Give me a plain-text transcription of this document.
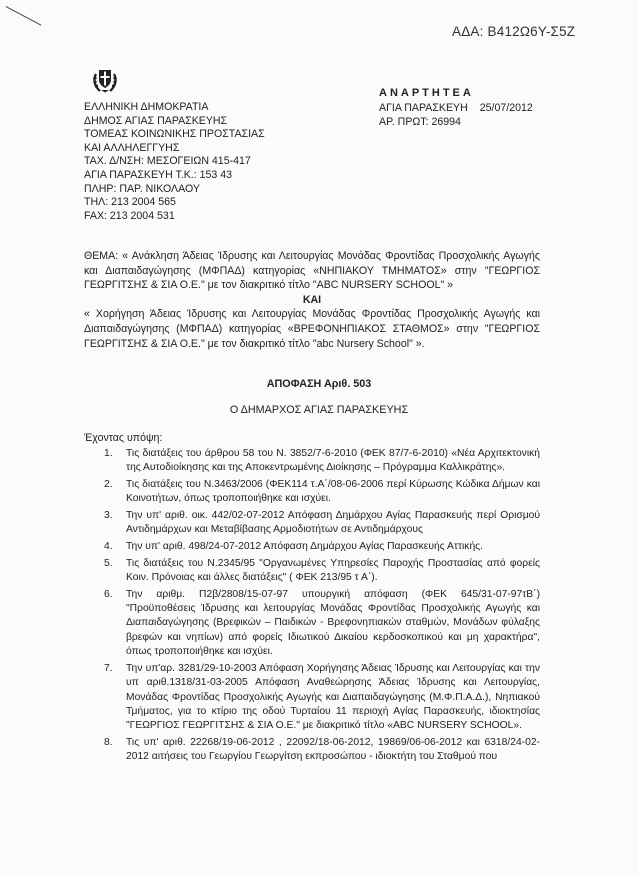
ΑΔΑ: Β412Ω6Υ-Σ5Ζ
ΕΛΛΗΝΙΚΗ ΔΗΜΟΚΡΑΤΙΑ
ΔΗΜΟΣ ΑΓΙΑΣ ΠΑΡΑΣΚΕΥΗΣ
ΤΟΜΕΑΣ ΚΟΙΝΩΝΙΚΗΣ ΠΡΟΣΤΑΣΙΑΣ
ΚΑΙ ΑΛΛΗΛΕΓΓΥΗΣ
ΤΑΧ. Δ/ΝΣΗ: ΜΕΣΟΓΕΙΩΝ 415-417
ΑΓΙΑ ΠΑΡΑΣΚΕΥΗ Τ.Κ.: 153 43
ΠΛΗΡ: ΠΑΡ. ΝΙΚΟΛΑΟΥ
ΤΗΛ: 213 2004 565
FAX: 213 2004 531
ΑΝΑΡΤΗΤΕΑ
ΑΓΙΑ ΠΑΡΑΣΚΕΥΗ 25/07/2012
ΑΡ. ΠΡΩΤ: 26994

ΘΕΜΑ: « Ανάκληση Άδειας Ίδρυσης και Λειτουργίας Μονάδας Φροντίδας Προσχολικής Αγωγής και Διαπαιδαγώγησης (ΜΦΠΑΔ) κατηγορίας «ΝΗΠΙΑΚΟΥ ΤΜΗΜΑΤΟΣ» στην "ΓΕΩΡΓΙΟΣ ΓΕΩΡΓΙΤΣΗΣ & ΣΙΑ Ο.Ε." με τον διακριτικό τίτλο "ABC NURSERY SCHOOL" »

ΚΑΙ

« Χορήγηση Άδειας Ίδρυσης και Λειτουργίας Μονάδας Φροντίδας Προσχολικής Αγωγής και Διαπαιδαγώγησης (ΜΦΠΑΔ) κατηγορίας «ΒΡΕΦΟΝΗΠΙΑΚΟΣ ΣΤΑΘΜΟΣ» στην "ΓΕΩΡΓΙΟΣ ΓΕΩΡΓΙΤΣΗΣ & ΣΙΑ Ο.Ε." με τον διακριτικό τίτλο "abc Nursery School" ».

ΑΠΟΦΑΣΗ Αριθ. 503
Ο ΔΗΜΑΡΧΟΣ ΑΓΙΑΣ ΠΑΡΑΣΚΕΥΗΣ
Έχοντας υπόψη:
1. Τις διατάξεις του άρθρου 58 του Ν. 3852/7-6-2010 (ΦΕΚ 87/7-6-2010) «Νέα Αρχιτεκτονική της Αυτοδιοίκησης και της Αποκεντρωμένης Διοίκησης – Πρόγραμμα Καλλικράτης».
2. Τις διατάξεις του Ν.3463/2006 (ΦΕΚ114 τ.Α΄/08-06-2006 περί Κύρωσης Κώδικα Δήμων και Κοινοτήτων, όπως τροποποιήθηκε και ισχύει.
3. Την υπ' αριθ. οικ. 442/02-07-2012 Απόφαση Δημάρχου Αγίας Παρασκευής περί Ορισμού Αντιδημάρχων και Μεταβίβασης Αρμοδιοτήτων σε Αντιδημάρχους
4. Την υπ' αριθ. 498/24-07-2012 Απόφαση Δημάρχου Αγίας Παρασκευής Αττικής.
5. Τις διατάξεις του Ν.2345/95 "Οργανωμένες Υπηρεσίες Παροχής Προστασίας από φορείς Κοιν. Πρόνοιας και άλλες διατάξεις" ( ΦΕΚ 213/95 τ Α΄).
6. Την αριθμ. Π2β/2808/15-07-97 υπουργική απόφαση (ΦΕΚ 645/31-07-97τΒ΄) "Προϋποθέσεις Ίδρυσης και λειτουργίας Μονάδας Φροντίδας Προσχολικής Αγωγής και Διαπαιδαγώγησης (Βρεφικών – Παιδικών - Βρεφονηπιακών σταθμών, Μονάδων φύλαξης βρεφών και νηπίων) από φορείς Ιδιωτικού Δικαίου κερδοσκοπικού και μη χαρακτήρα", όπως τροποποιήθηκε και ισχύει.
7. Την υπ'αρ. 3281/29-10-2003 Απόφαση Χορήγησης Άδειας Ίδρυσης και Λειτουργίας και την υπ αριθ.1318/31-03-2005 Απόφαση Αναθεώρησης Άδειας Ίδρυσης και Λειτουργίας, Μονάδας Φροντίδας Προσχολικής Αγωγής και Διαπαιδαγώγησης (Μ.Φ.Π.Α.Δ.), Νηπιακού Τμήματος, για το κτίριο της οδού Τυρταίου 11 περιοχή Αγίας Παρασκευής, ιδιοκτησίας "ΓΕΩΡΓΙΟΣ ΓΕΩΡΓΙΤΣΗΣ & ΣΙΑ Ο.Ε." με διακριτικό τίτλο «ABC NURSERY SCHOOL».
8. Τις υπ' αριθ. 22268/19-06-2012 , 22092/18-06-2012, 19869/06-06-2012 και 6318/24-02-2012 αιτήσεις του Γεωργίου Γεωργίτση εκπροσώπου - ιδιοκτήτη του Σταθμού που
